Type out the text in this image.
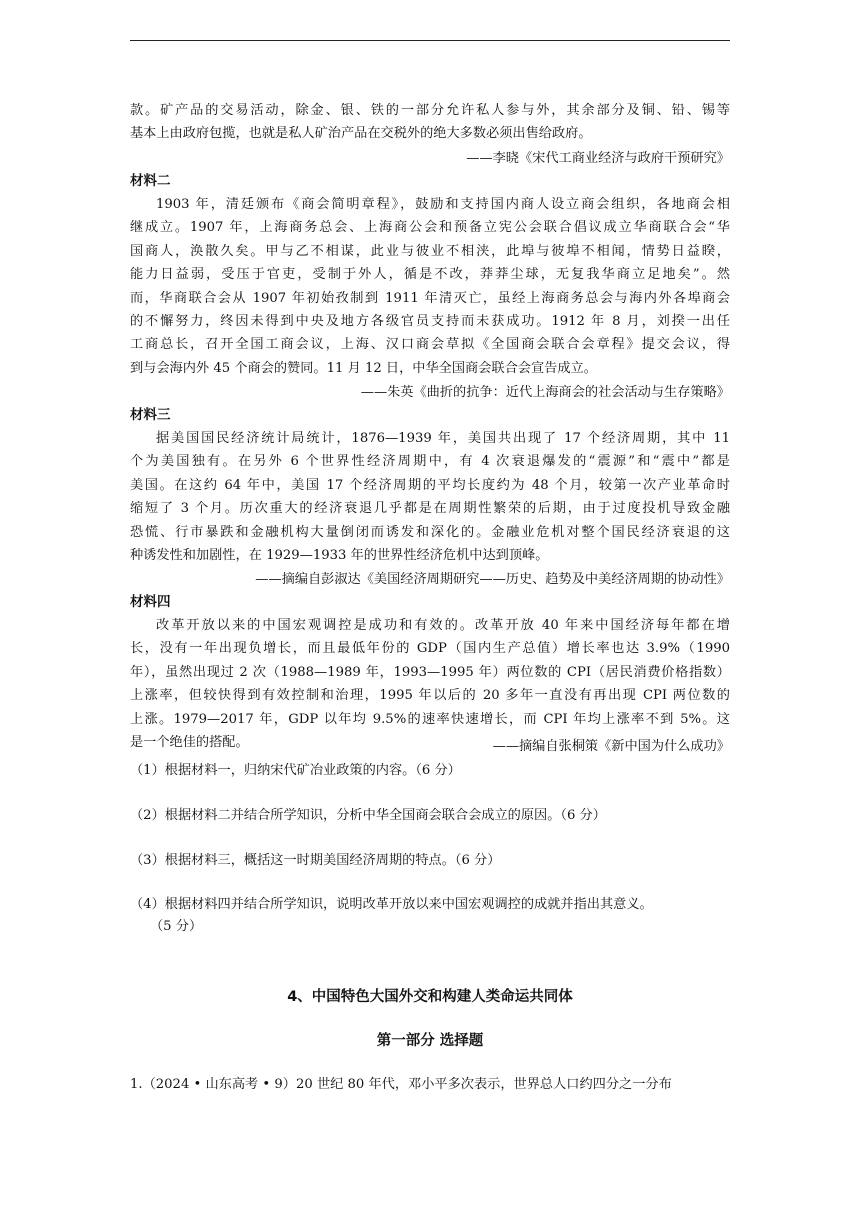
款。矿产品的交易活动，除金、银、铁的一部分允许私人参与外，其余部分及铜、铅、锡等
基本上由政府包揽，也就是私人矿治产品在交税外的绝大多数必须出售给政府。
——李晓《宋代工商业经济与政府干预研究》
材料二
1903 年，清廷颁布《商会简明章程》，鼓励和支持国内商人设立商会组织，各地商会相
继成立。1907 年，上海商务总会、上海商公会和预备立宪公会联合倡议成立华商联合会“华
国商人，涣散久矣。甲与乙不相谋，此业与彼业不相浃，此埠与彼埠不相闻，情势日益睽，
能力日益弱，受压于官吏，受制于外人，循是不改，莽莽尘球，无复我华商立足地矣”。然
而，华商联合会从 1907 年初始孜制到 1911 年清灭亡，虽经上海商务总会与海内外各埠商会
的不懈努力，终因未得到中央及地方各级官员支持而未获成功。1912 年 8 月，刘揆一出任
工商总长，召开全国工商会议，上海、汉口商会草拟《全国商会联合会章程》提交会议，得
到与会海内外 45 个商会的赞同。11 月 12 日，中华全国商会联合会宣告成立。
——朱英《曲折的抗争：近代上海商会的社会活动与生存策略》
材料三
据美国国民经济统计局统计，1876—1939 年，美国共出现了 17 个经济周期，其中 11
个为美国独有。在另外 6 个世界性经济周期中，有 4 次衰退爆发的“震源”和“震中”都是
美国。在这约 64 年中，美国 17 个经济周期的平均长度约为 48 个月，较第一次产业革命时
缩短了 3 个月。历次重大的经济衰退几乎都是在周期性繁荣的后期，由于过度投机导致金融
恐慌、行市暴跌和金融机构大量倒闭而诱发和深化的。金融业危机对整个国民经济衰退的这
种诱发性和加剧性，在 1929—1933 年的世界性经济危机中达到顶峰。
——摘编自彭淑达《美国经济周期研究——历史、趋势及中美经济周期的协动性》
材料四
改革开放以来的中国宏观调控是成功和有效的。改革开放 40 年来中国经济每年都在增
长，没有一年出现负增长，而且最低年份的 GDP（国内生产总值）增长率也达 3.9%（1990
年），虽然出现过 2 次（1988—1989 年，1993—1995 年）两位数的 CPI（居民消费价格指数）
上涨率，但较快得到有效控制和治理，1995 年以后的 20 多年一直没有再出现 CPI 两位数的
上涨。1979—2017 年，GDP 以年均 9.5%的速率快速增长，而 CPI 年均上涨率不到 5%。这
是一个绝佳的搭配。	——摘编自张桐策《新中国为什么成功》
（1）根据材料一，归纳宋代矿冶业政策的内容。（6 分）
（2）根据材料二并结合所学知识，分析中华全国商会联合会成立的原因。（6 分）
（3）根据材料三，概括这一时期美国经济周期的特点。（6 分）
（4）根据材料四并结合所学知识，说明改革开放以来中国宏观调控的成就并指出其意义。
（5 分）
4、中国特色大国外交和构建人类命运共同体
第一部分 选择题
1.（2024 • 山东高考 • 9）20 世纪 80 年代，邓小平多次表示，世界总人口约四分之一分布
